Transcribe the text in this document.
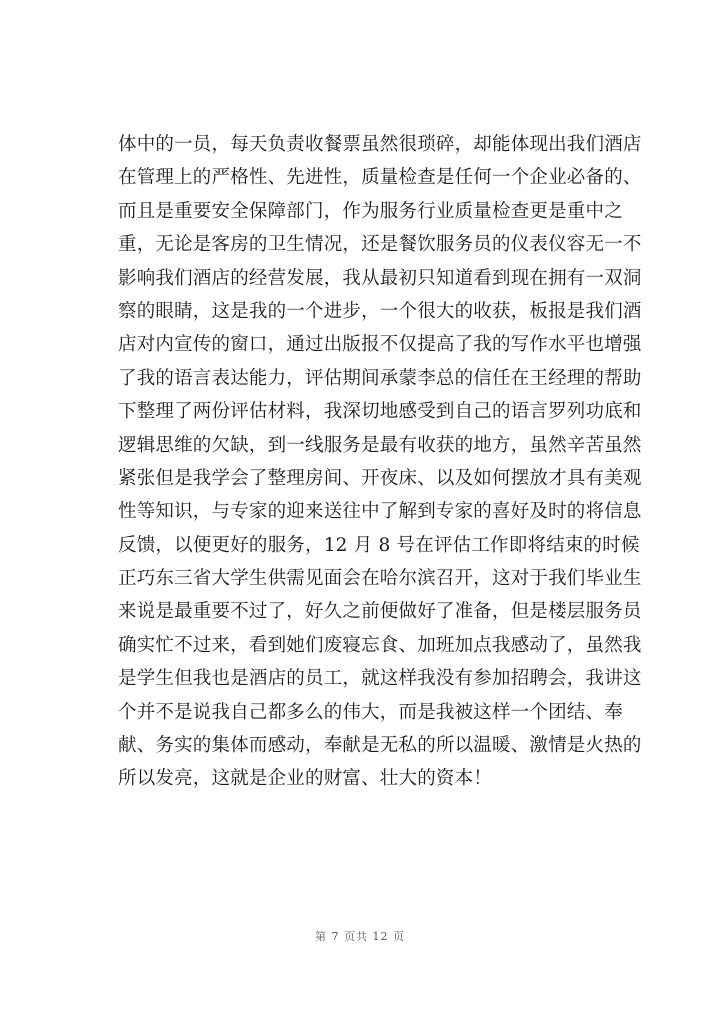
体中的一员，每天负责收餐票虽然很琐碎，却能体现出我们酒店
在管理上的严格性、先进性，质量检查是任何一个企业必备的、
而且是重要安全保障部门，作为服务行业质量检查更是重中之
重，无论是客房的卫生情况，还是餐饮服务员的仪表仪容无一不
影响我们酒店的经营发展，我从最初只知道看到现在拥有一双洞
察的眼睛，这是我的一个进步，一个很大的收获，板报是我们酒
店对内宣传的窗口，通过出版报不仅提高了我的写作水平也增强
了我的语言表达能力，评估期间承蒙李总的信任在王经理的帮助
下整理了两份评估材料，我深切地感受到自己的语言罗列功底和
逻辑思维的欠缺，到一线服务是最有收获的地方，虽然辛苦虽然
紧张但是我学会了整理房间、开夜床、以及如何摆放才具有美观
性等知识，与专家的迎来送往中了解到专家的喜好及时的将信息
反馈，以便更好的服务，12 月 8 号在评估工作即将结束的时候
正巧东三省大学生供需见面会在哈尔滨召开，这对于我们毕业生
来说是最重要不过了，好久之前便做好了准备，但是楼层服务员
确实忙不过来，看到她们废寝忘食、加班加点我感动了，虽然我
是学生但我也是酒店的员工，就这样我没有参加招聘会，我讲这
个并不是说我自己都多么的伟大，而是我被这样一个团结、奉
献、务实的集体而感动，奉献是无私的所以温暖、激情是火热的
所以发亮，这就是企业的财富、壮大的资本！
第 7 页共 12 页
